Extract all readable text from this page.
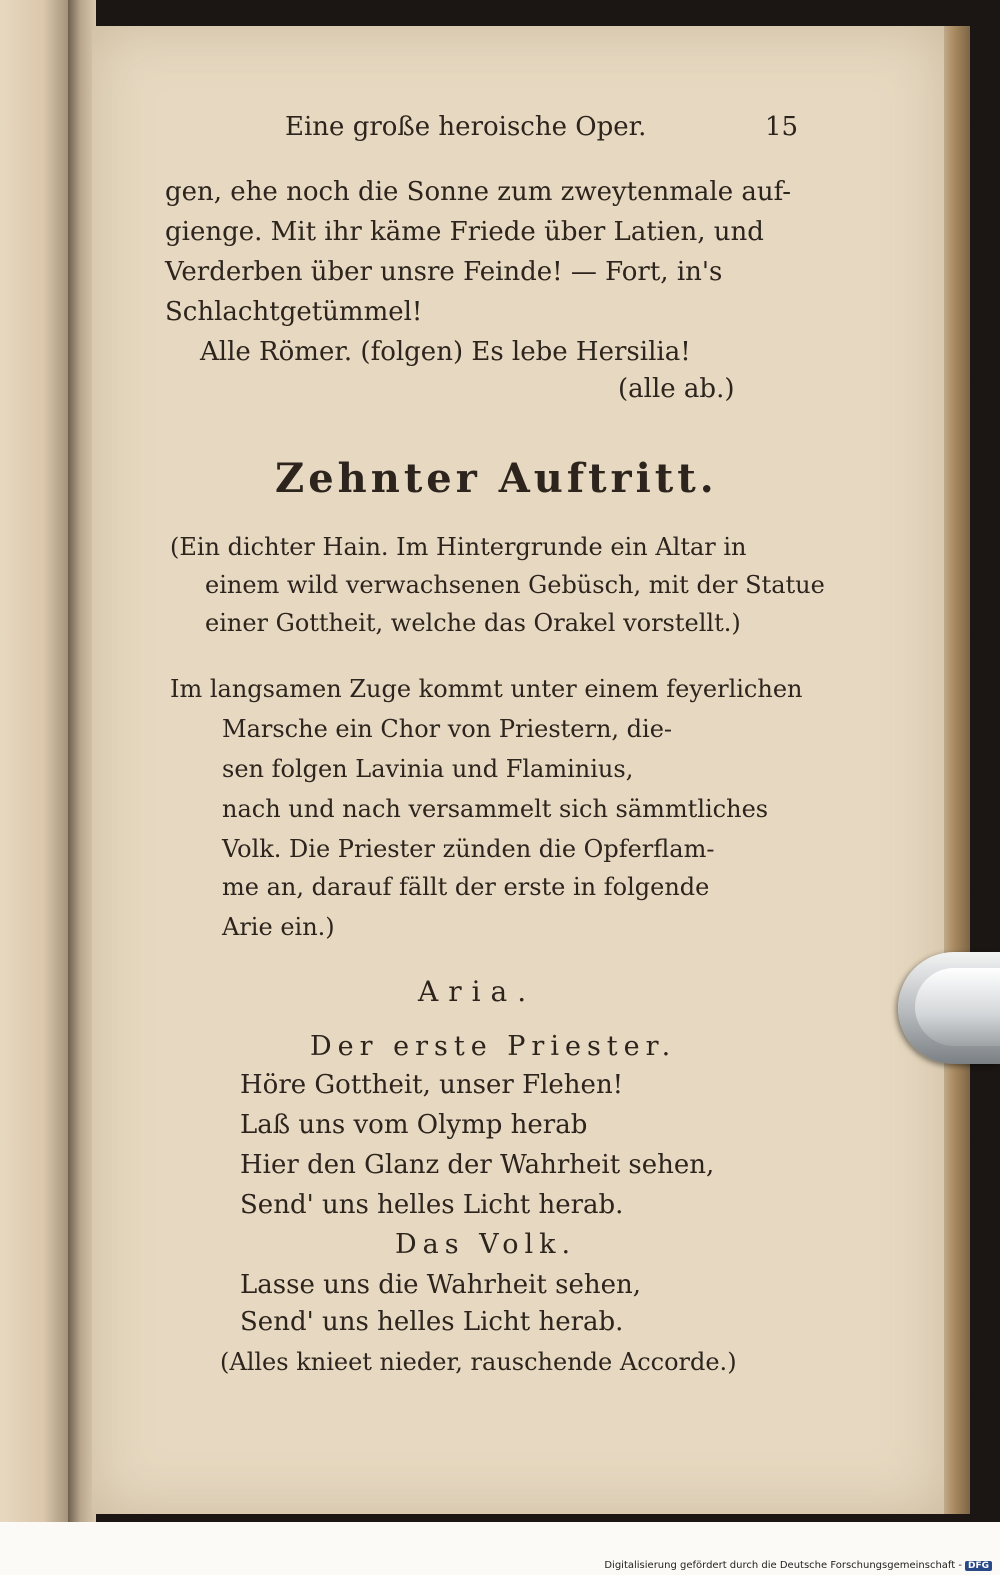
Eine große heroische Oper.	15
gen, ehe noch die Sonne zum zweytenmale auf-
gienge. Mit ihr käme Friede über Latien, und
Verderben über unsre Feinde! — Fort, in's
Schlachtgetümmel!
Alle Römer. (folgen) Es lebe Hersilia!
(alle ab.)
Zehnter Auftritt.
(Ein dichter Hain. Im Hintergrunde ein Altar in
einem wild verwachsenen Gebüsch, mit der Statue
einer Gottheit, welche das Orakel vorstellt.)
Im langsamen Zuge kommt unter einem feyerlichen
Marsche ein Chor von Priestern, die-
sen folgen Lavinia und Flaminius,
nach und nach versammelt sich sämmtliches
Volk. Die Priester zünden die Opferflam-
me an, darauf fällt der erste in folgende
Arie ein.)
Aria.
Der erste Priester.
Höre Gottheit, unser Flehen!
Laß uns vom Olymp herab
Hier den Glanz der Wahrheit sehen,
Send' uns helles Licht herab.
Das Volk.
Lasse uns die Wahrheit sehen,
Send' uns helles Licht herab.
(Alles knieet nieder, rauschende Accorde.)
Digitalisierung gefördert durch die Deutsche Forschungsgemeinschaft - DFG
